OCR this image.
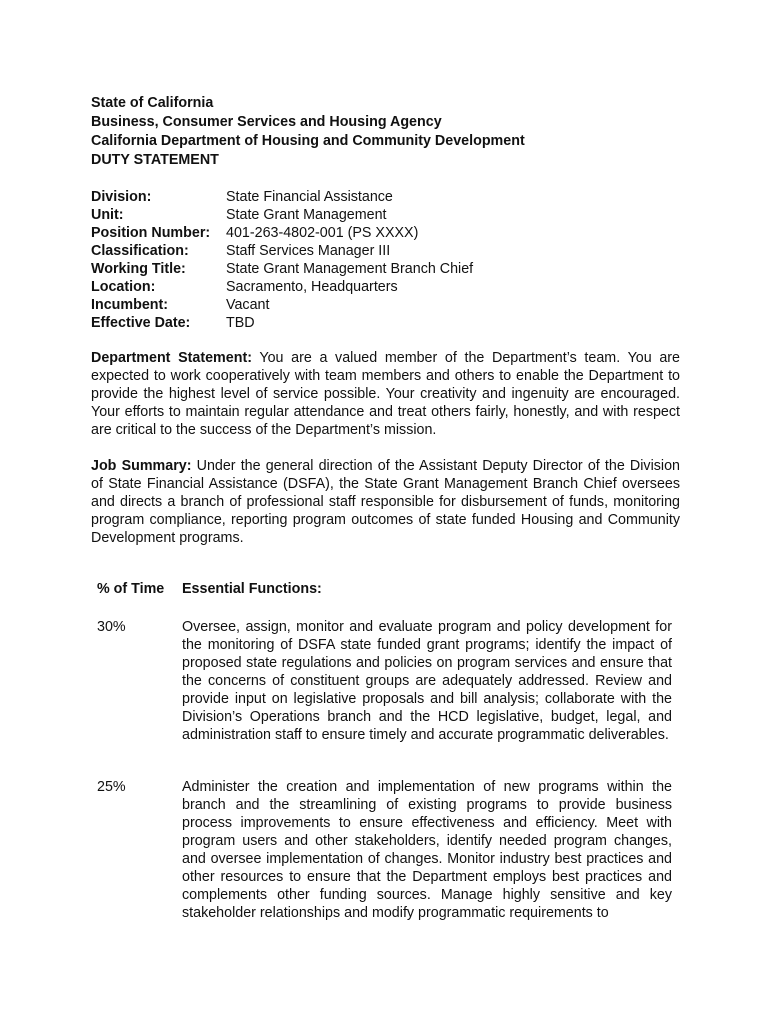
State of California
Business, Consumer Services and Housing Agency
California Department of Housing and Community Development
DUTY STATEMENT
Division:	State Financial Assistance
Unit:	State Grant Management
Position Number:	401-263-4802-001 (PS XXXX)
Classification:	Staff Services Manager III
Working Title:	State Grant Management Branch Chief
Location:	Sacramento, Headquarters
Incumbent:	Vacant
Effective Date:	TBD
Department Statement: You are a valued member of the Department’s team. You are expected to work cooperatively with team members and others to enable the Department to provide the highest level of service possible. Your creativity and ingenuity are encouraged. Your efforts to maintain regular attendance and treat others fairly, honestly, and with respect are critical to the success of the Department’s mission.
Job Summary: Under the general direction of the Assistant Deputy Director of the Division of State Financial Assistance (DSFA), the State Grant Management Branch Chief oversees and directs a branch of professional staff responsible for disbursement of funds, monitoring program compliance, reporting program outcomes of state funded Housing and Community Development programs.
% of Time	Essential Functions:
30%	Oversee, assign, monitor and evaluate program and policy development for the monitoring of DSFA state funded grant programs; identify the impact of proposed state regulations and policies on program services and ensure that the concerns of constituent groups are adequately addressed. Review and provide input on legislative proposals and bill analysis; collaborate with the Division’s Operations branch and the HCD legislative, budget, legal, and administration staff to ensure timely and accurate programmatic deliverables.
25%	Administer the creation and implementation of new programs within the branch and the streamlining of existing programs to provide business process improvements to ensure effectiveness and efficiency. Meet with program users and other stakeholders, identify needed program changes, and oversee implementation of changes. Monitor industry best practices and other resources to ensure that the Department employs best practices and complements other funding sources. Manage highly sensitive and key stakeholder relationships and modify programmatic requirements to
